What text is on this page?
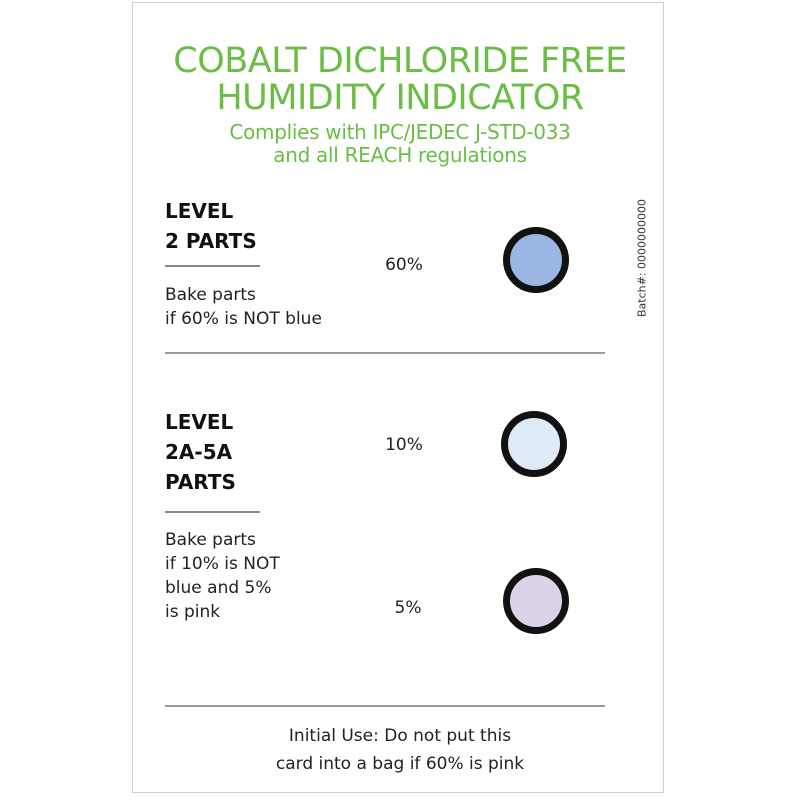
COBALT DICHLORIDE FREE
HUMIDITY INDICATOR
Complies with IPC/JEDEC J-STD-033
and all REACH regulations
Batch#: 0000000000
LEVEL
2 PARTS
Bake parts
if 60% is NOT blue
60%
LEVEL
2A-5A
PARTS
Bake parts
if 10% is NOT
blue and 5%
is pink
10%
5%
Initial Use: Do not put this
card into a bag if 60% is pink
